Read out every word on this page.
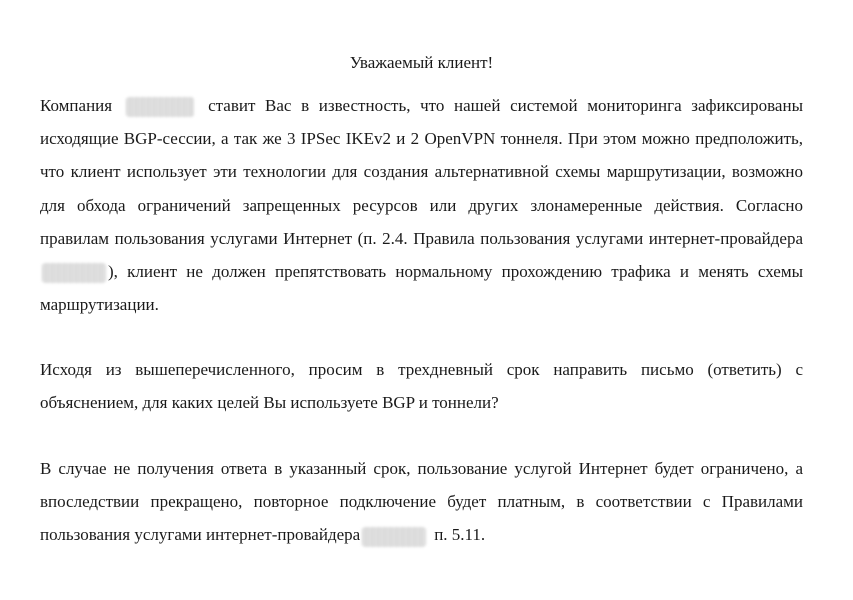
Уважаемый клиент!

Компания	ставит Вас в известность, что нашей системой мониторинга зафиксированы исходящие BGP-сессии, а так же 3 IPSec IKEv2 и 2 OpenVPN тоннеля. При этом можно предположить, что клиент использует эти технологии для создания альтернативной схемы маршрутизации, возможно для обхода ограничений запрещенных ресурсов или других злонамеренные действия. Согласно правилам пользования услугами Интернет (п. 2.4. Правила пользования услугами интернет-провайдера ), клиент не должен препятствовать нормальному прохождению трафика и менять схемы маршрутизации.

Исходя из вышеперечисленного, просим в трехдневный срок направить письмо (ответить) с объяснением, для каких целей Вы используете BGP и тоннели?

В случае не получения ответа в указанный срок, пользование услугой Интернет будет ограничено, а впоследствии прекращено, повторное подключение будет платным, в соответствии с Правилами пользования услугами интернет-провайдера	п. 5.11.
